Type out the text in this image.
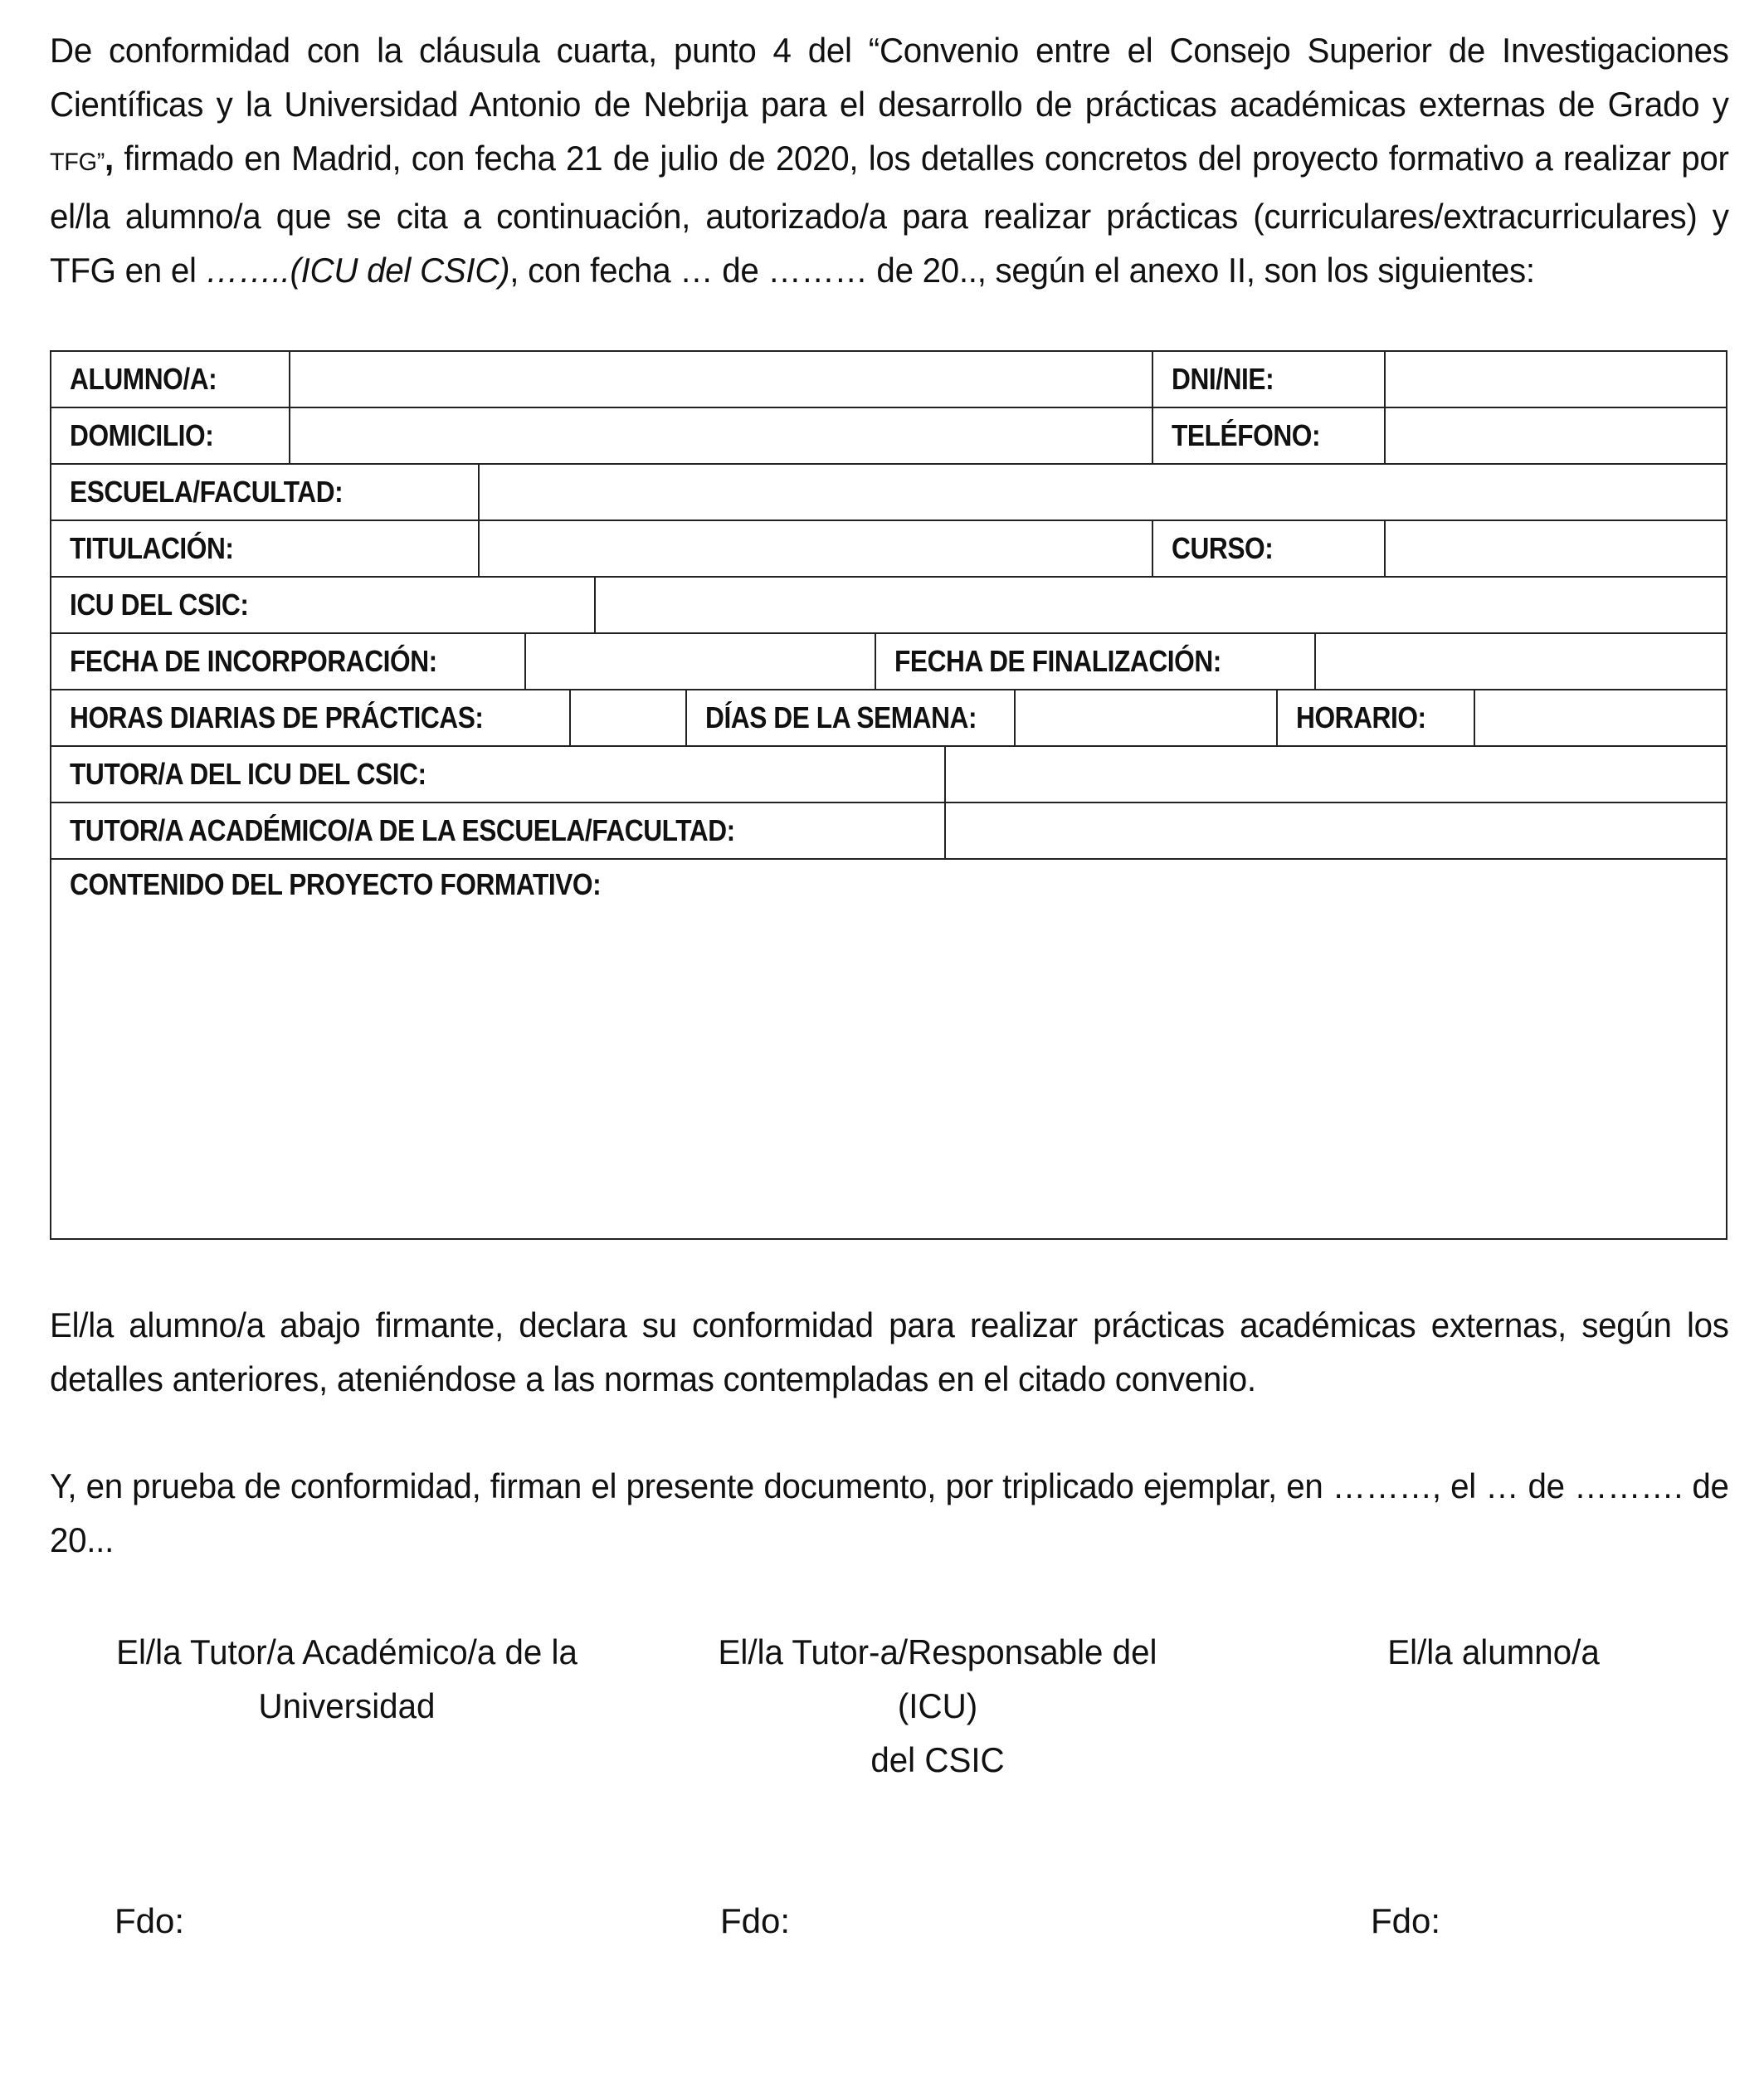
De conformidad con la cláusula cuarta, punto 4 del “Convenio entre el Consejo Superior de Investigaciones Científicas y la Universidad Antonio de Nebrija para el desarrollo de prácticas académicas externas de Grado y TFG”, firmado en Madrid, con fecha 21 de julio de 2020, los detalles concretos del proyecto formativo a realizar por el/la alumno/a que se cita a continuación, autorizado/a para realizar prácticas (curriculares/extracurriculares) y TFG en el ……..(ICU del CSIC), con fecha … de ……… de 20.., según el anexo II, son los siguientes:
ALUMNO/A:	DNI/NIE:
DOMICILIO:	TELÉFONO:
ESCUELA/FACULTAD:
TITULACIÓN:	CURSO:
ICU DEL CSIC:
FECHA DE INCORPORACIÓN:	FECHA DE FINALIZACIÓN:
HORAS DIARIAS DE PRÁCTICAS:	DÍAS DE LA SEMANA:	HORARIO:
TUTOR/A DEL ICU DEL CSIC:
TUTOR/A ACADÉMICO/A DE LA ESCUELA/FACULTAD:
CONTENIDO DEL PROYECTO FORMATIVO:
El/la alumno/a abajo firmante, declara su conformidad para realizar prácticas académicas externas, según los detalles anteriores, ateniéndose a las normas contempladas en el citado convenio.
Y, en prueba de conformidad, firman el presente documento, por triplicado ejemplar, en ………, el … de ………. de 20...
El/la Tutor/a Académico/a de la
Universidad
El/la Tutor-a/Responsable del (ICU)
del CSIC
El/la alumno/a
Fdo:	Fdo:	Fdo:
